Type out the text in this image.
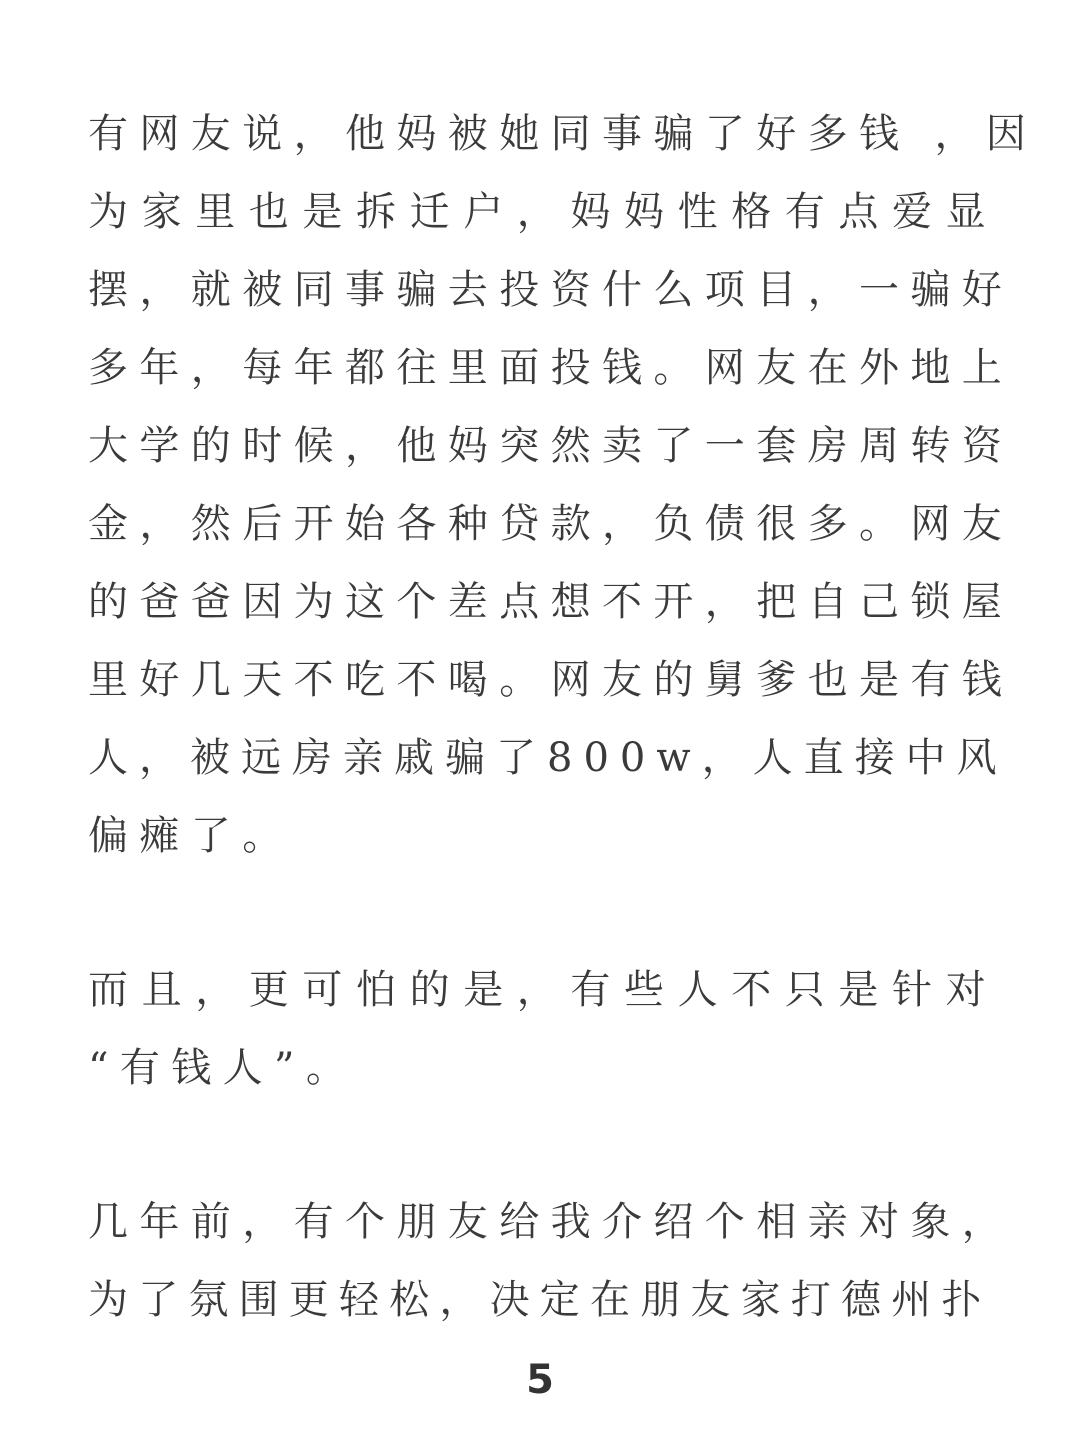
有网友说，他妈被她同事骗了好多钱 ，因
为家里也是拆迁户，妈妈性格有点爱显
摆，就被同事骗去投资什么项目，一骗好
多年，每年都往里面投钱。网友在外地上
大学的时候，他妈突然卖了一套房周转资
金，然后开始各种贷款，负债很多。网友
的爸爸因为这个差点想不开，把自己锁屋
里好几天不吃不喝。网友的舅爹也是有钱
人，被远房亲戚骗了800w，人直接中风
偏瘫了。
而且，更可怕的是，有些人不只是针对
“有钱人”。
几年前，有个朋友给我介绍个相亲对象，
为了氛围更轻松，决定在朋友家打德州扑
5
